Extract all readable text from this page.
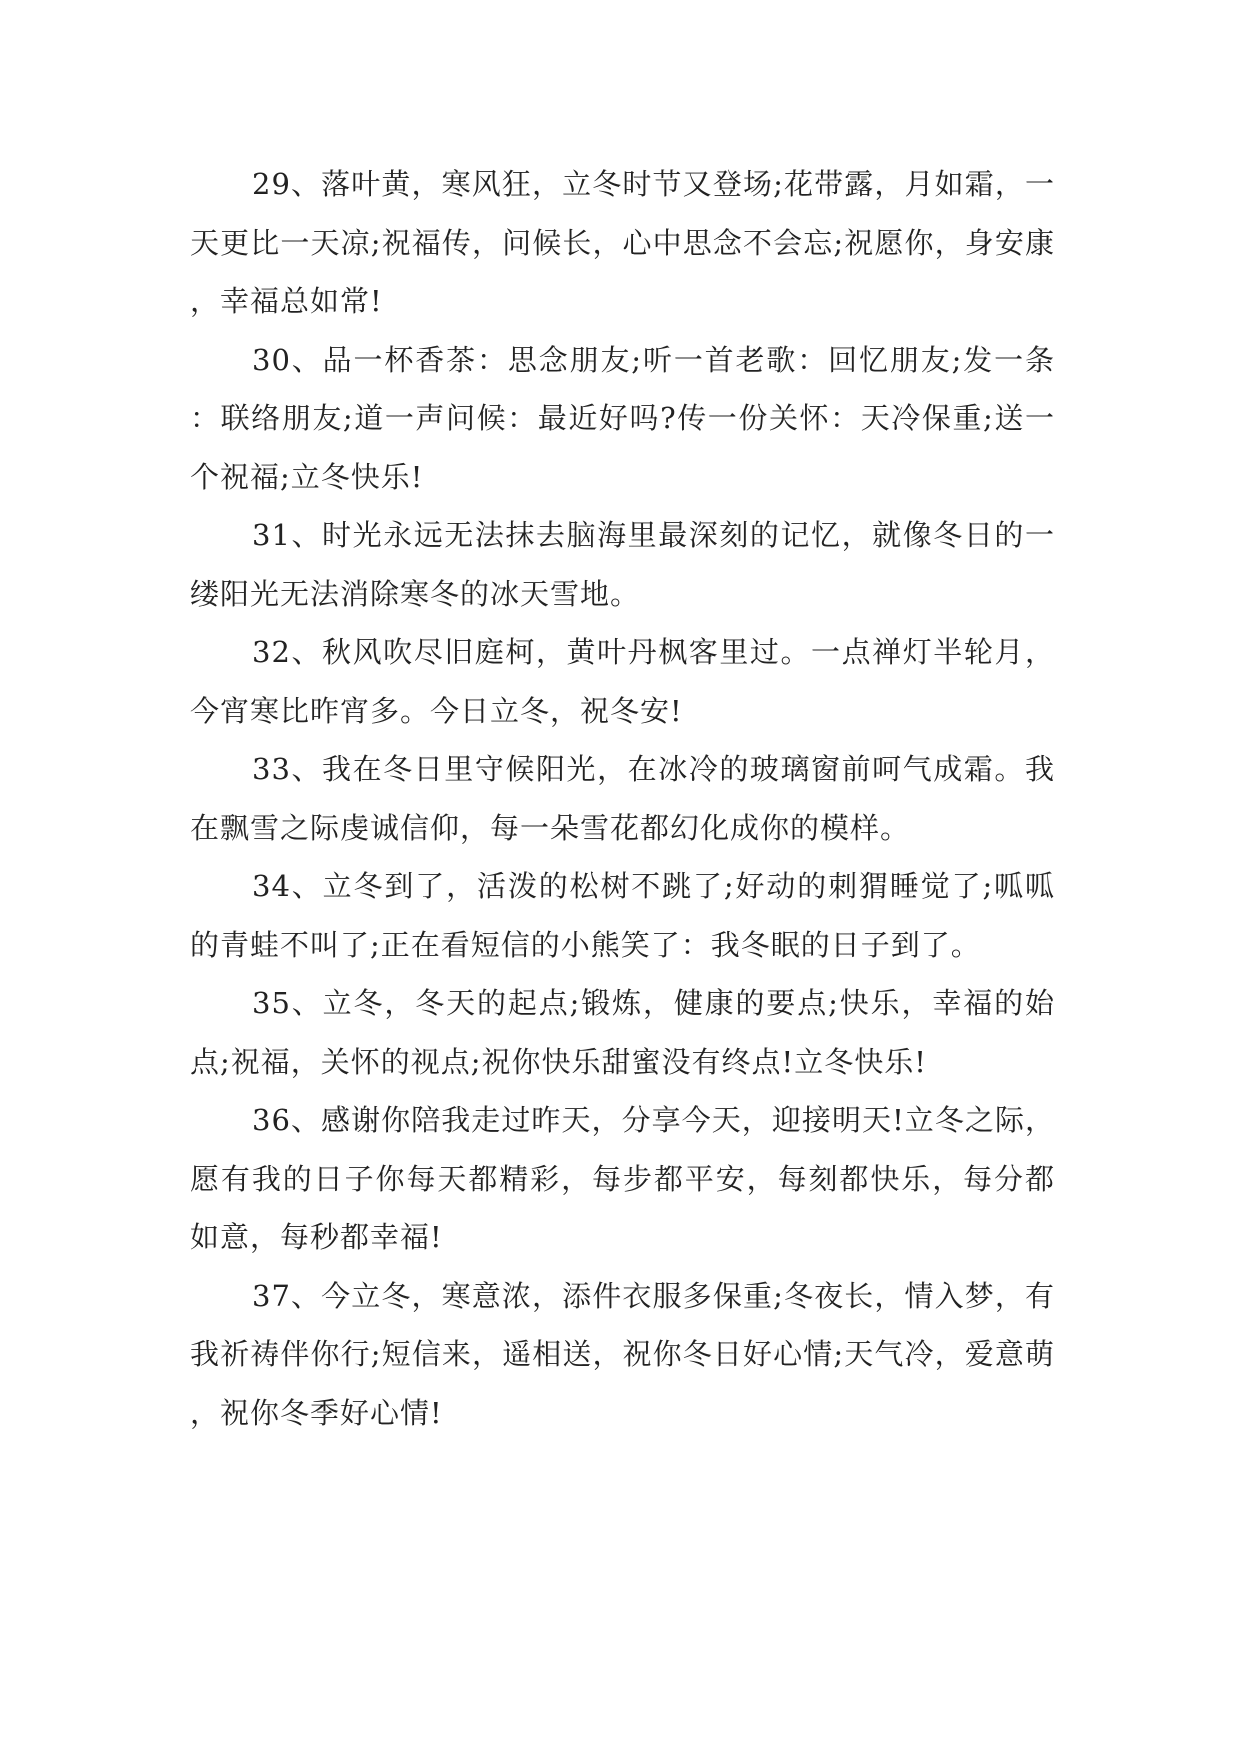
29、落叶黄，寒风狂，立冬时节又登场;花带露，月如霜，一天更比一天凉;祝福传，问候长，心中思念不会忘;祝愿你，身安康，幸福总如常!

30、品一杯香茶：思念朋友;听一首老歌：回忆朋友;发一条：联络朋友;道一声问候：最近好吗?传一份关怀：天冷保重;送一个祝福;立冬快乐!

31、时光永远无法抹去脑海里最深刻的记忆，就像冬日的一缕阳光无法消除寒冬的冰天雪地。

32、秋风吹尽旧庭柯，黄叶丹枫客里过。一点禅灯半轮月，今宵寒比昨宵多。今日立冬，祝冬安!

33、我在冬日里守候阳光，在冰冷的玻璃窗前呵气成霜。我在飘雪之际虔诚信仰，每一朵雪花都幻化成你的模样。

34、立冬到了，活泼的松树不跳了;好动的刺猬睡觉了;呱呱的青蛙不叫了;正在看短信的小熊笑了：我冬眠的日子到了。

35、立冬，冬天的起点;锻炼，健康的要点;快乐，幸福的始点;祝福，关怀的视点;祝你快乐甜蜜没有终点!立冬快乐!

36、感谢你陪我走过昨天，分享今天，迎接明天!立冬之际，愿有我的日子你每天都精彩，每步都平安，每刻都快乐，每分都如意，每秒都幸福!

37、今立冬，寒意浓，添件衣服多保重;冬夜长，情入梦，有我祈祷伴你行;短信来，遥相送，祝你冬日好心情;天气冷，爱意萌，祝你冬季好心情!
